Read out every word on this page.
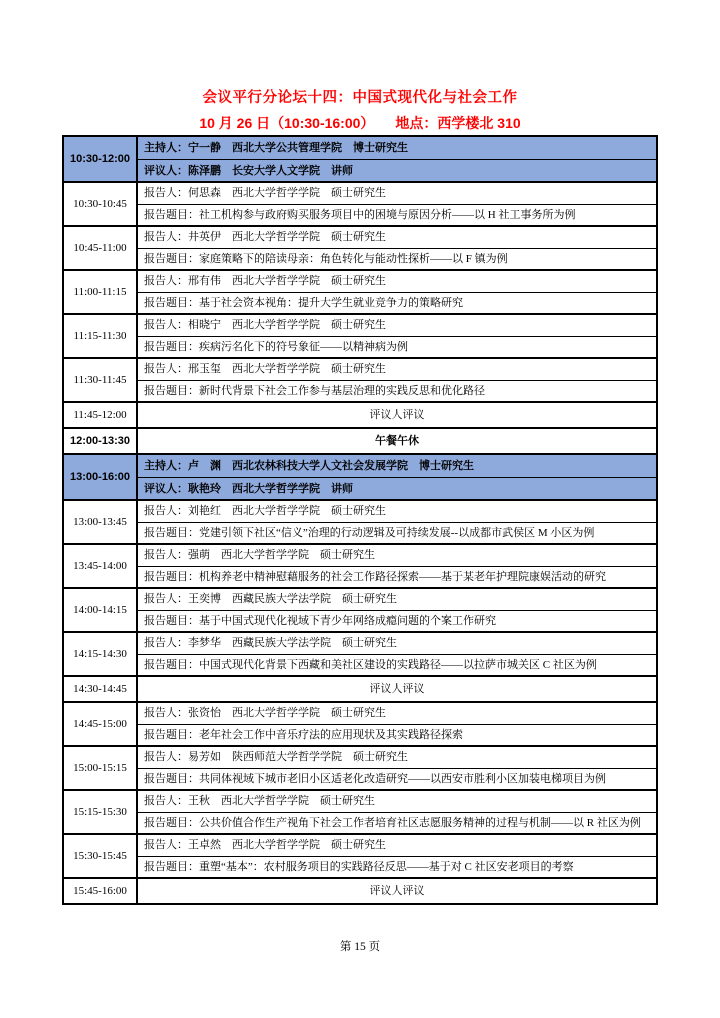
会议平行分论坛十四：中国式现代化与社会工作
10 月 26 日（10:30-16:00）　　地点：西学楼北 310
10:30-12:00
主持人：宁一静　西北大学公共管理学院　博士研究生
评议人：陈泽鹏　长安大学人文学院　讲师
10:30-10:45
报告人：何思森　西北大学哲学学院　硕士研究生
报告题目：社工机构参与政府购买服务项目中的困境与原因分析——以 H 社工事务所为例
10:45-11:00
报告人：井英伊　西北大学哲学学院　硕士研究生
报告题目：家庭策略下的陪读母亲：角色转化与能动性探析——以 F 镇为例
11:00-11:15
报告人：邢有伟　西北大学哲学学院　硕士研究生
报告题目：基于社会资本视角：提升大学生就业竞争力的策略研究
11:15-11:30
报告人：相晓宁　西北大学哲学学院　硕士研究生
报告题目：疾病污名化下的符号象征——以精神病为例
11:30-11:45
报告人：邢玉玺　西北大学哲学学院　硕士研究生
报告题目：新时代背景下社会工作参与基层治理的实践反思和优化路径
11:45-12:00	评议人评议
12:00-13:30	午餐午休
13:00-16:00
主持人：卢　渊　西北农林科技大学人文社会发展学院　博士研究生
评议人：耿艳玲　西北大学哲学学院　讲师
13:00-13:45
报告人：刘艳红　西北大学哲学学院　硕士研究生
报告题目：党建引领下社区“信义”治理的行动逻辑及可持续发展--以成都市武侯区 M 小区为例
13:45-14:00
报告人：强萌　西北大学哲学学院　硕士研究生
报告题目：机构养老中精神慰藉服务的社会工作路径探索——基于某老年护理院康娱活动的研究
14:00-14:15
报告人：王奕博　西藏民族大学法学院　硕士研究生
报告题目：基于中国式现代化视域下青少年网络成瘾问题的个案工作研究
14:15-14:30
报告人：李梦华　西藏民族大学法学院　硕士研究生
报告题目：中国式现代化背景下西藏和美社区建设的实践路径——以拉萨市城关区 C 社区为例
14:30-14:45	评议人评议
14:45-15:00
报告人：张资怡　西北大学哲学学院　硕士研究生
报告题目：老年社会工作中音乐疗法的应用现状及其实践路径探索
15:00-15:15
报告人：易芳如　陕西师范大学哲学学院　硕士研究生
报告题目：共同体视域下城市老旧小区适老化改造研究——以西安市胜利小区加装电梯项目为例
15:15-15:30
报告人：王秋　西北大学哲学学院　硕士研究生
报告题目：公共价值合作生产视角下社会工作者培育社区志愿服务精神的过程与机制——以 R 社区为例
15:30-15:45
报告人：王卓然　西北大学哲学学院　硕士研究生
报告题目：重塑“基本”：农村服务项目的实践路径反思——基于对 C 社区安老项目的考察
15:45-16:00	评议人评议
第 15 页
